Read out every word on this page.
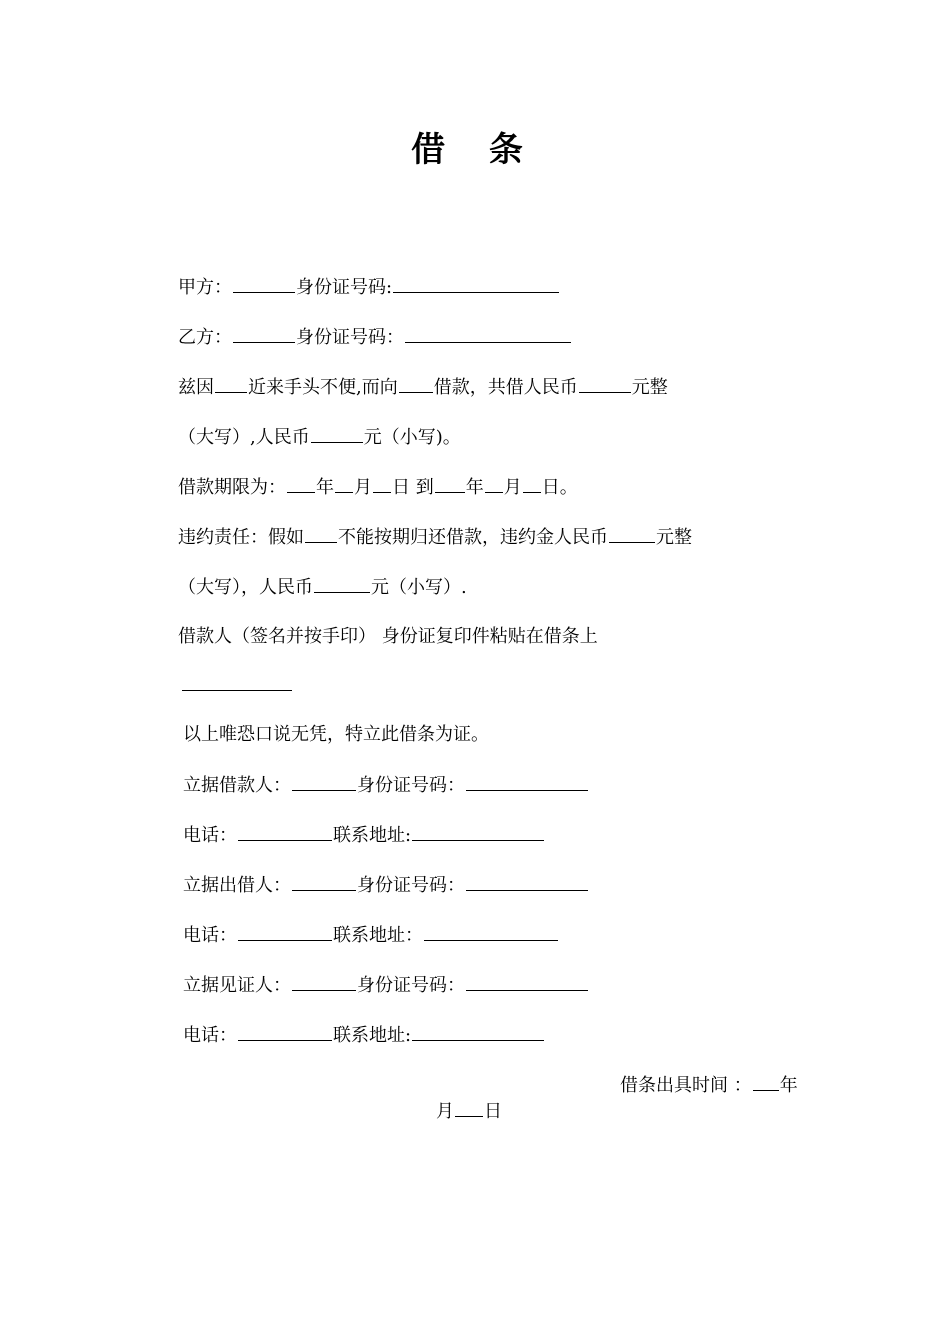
借 条
甲方：	身份证号码:
乙方：	身份证号码：
兹因 近来手头不便,而向 借款，共借人民币	元整
（大写）,人民币	元（小写)。
借款期限为： 年 月 日 到 年 月 日。
违约责任：假如 不能按期归还借款，违约金人民币	元整
（大写），人民币	元（小写）.
借款人（签名并按手印） 身份证复印件粘贴在借条上
以上唯恐口说无凭，特立此借条为证。
立据借款人：	身份证号码：
电话：	联系地址:
立据出借人：	身份证号码：
电话：	联系地址：
立据见证人：	身份证号码：
电话：	联系地址:
借条出具时间 ： 年
月 日
